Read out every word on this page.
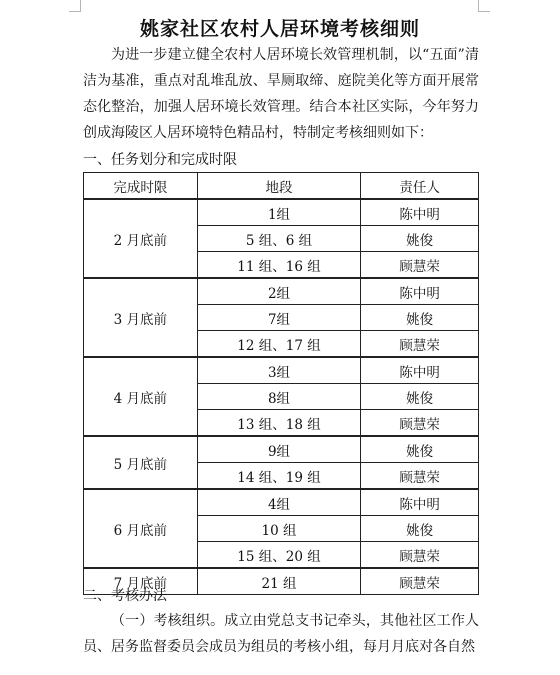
姚家社区农村人居环境考核细则

为进一步建立健全农村人居环境长效管理机制，以“五面”清洁为基准，重点对乱堆乱放、旱厕取缔、庭院美化等方面开展常态化整治，加强人居环境长效管理。结合本社区实际，今年努力创成海陵区人居环境特色精品村，特制定考核细则如下：

一、任务划分和完成时限
完成时限	地段	责任人
2 月底前	1组	陈中明
	5 组、6 组	姚俊
	11 组、16 组	顾慧荣
3 月底前	2组	陈中明
	7组	姚俊
	12 组、17 组	顾慧荣
4 月底前	3组	陈中明
	8组	姚俊
	13 组、18 组	顾慧荣
5 月底前	9组	姚俊
	14 组、19 组	顾慧荣
6 月底前	4组	陈中明
	10 组	姚俊
	15 组、20 组	顾慧荣
7 月底前	21 组	顾慧荣
二、考核办法

（一）考核组织。成立由党总支书记牵头，其他社区工作人员、居务监督委员会成员为组员的考核小组，每月月底对各自然
